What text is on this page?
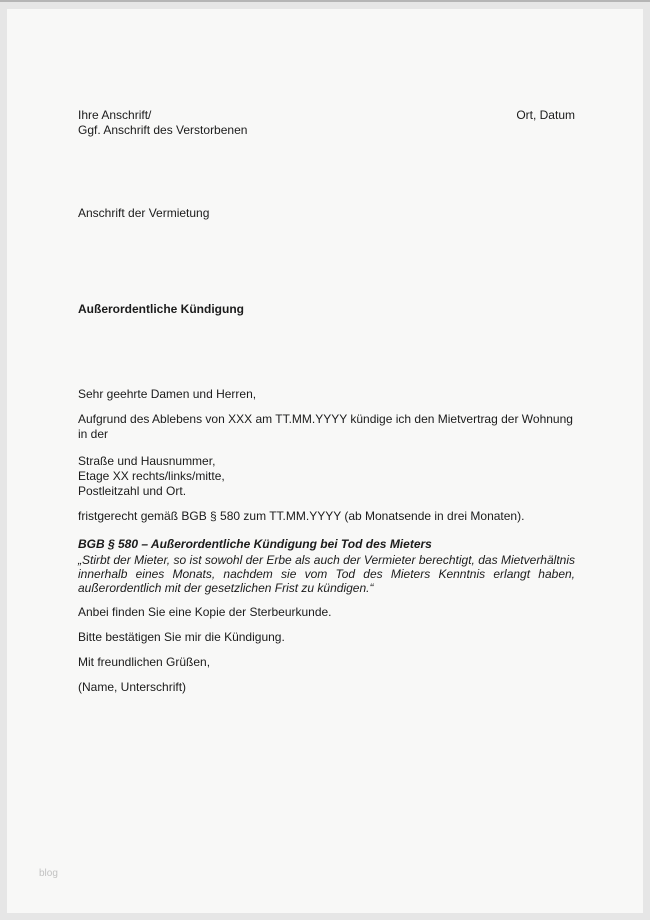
Ihre Anschrift/
Ggf. Anschrift des Verstorbenen
Ort, Datum
Anschrift der Vermietung
Außerordentliche Kündigung
Sehr geehrte Damen und Herren,

Aufgrund des Ablebens von XXX am TT.MM.YYYY kündige ich den Mietvertrag der Wohnung in der

Straße und Hausnummer,
Etage XX rechts/links/mitte,
Postleitzahl und Ort.

fristgerecht gemäß BGB § 580 zum TT.MM.YYYY (ab Monatsende in drei Monaten).

BGB § 580 – Außerordentliche Kündigung bei Tod des Mieters
„Stirbt der Mieter, so ist sowohl der Erbe als auch der Vermieter berechtigt, das Mietverhältnis innerhalb eines Monats, nachdem sie vom Tod des Mieters Kenntnis erlangt haben, außerordentlich mit der gesetzlichen Frist zu kündigen.“

Anbei finden Sie eine Kopie der Sterbeurkunde.

Bitte bestätigen Sie mir die Kündigung.

Mit freundlichen Grüßen,

(Name, Unterschrift)

blog
